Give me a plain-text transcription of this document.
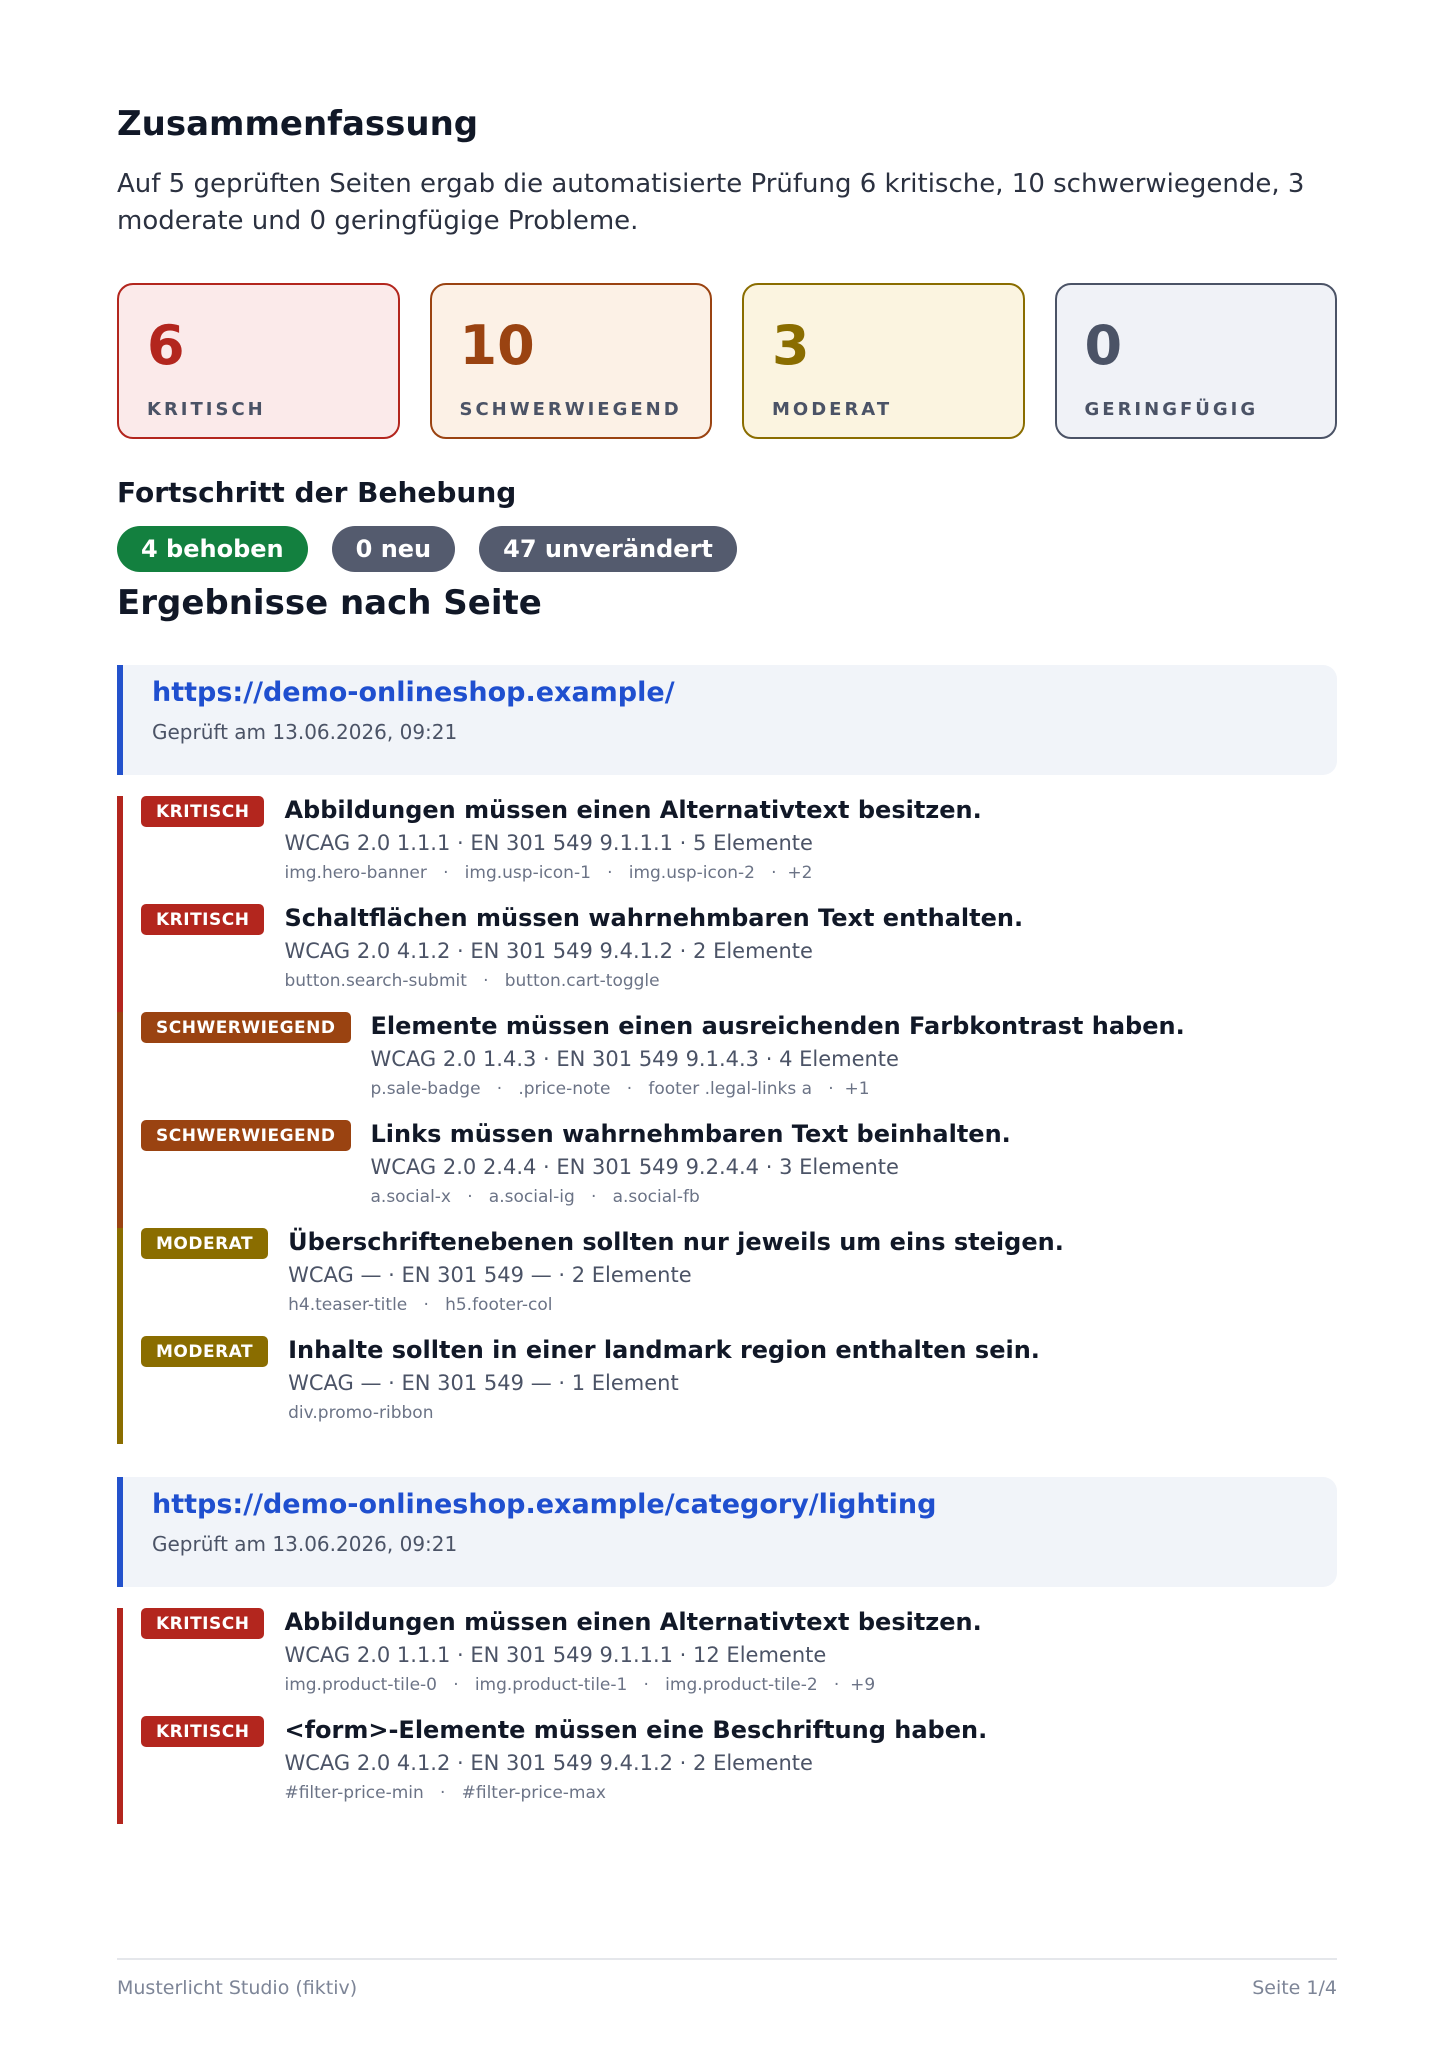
Zusammenfassung

Auf 5 geprüften Seiten ergab die automatisierte Prüfung 6 kritische, 10 schwerwiegende, 3 moderate und 0 geringfügige Probleme.

6
KRITISCH
10
SCHWERWIEGEND
3
MODERAT
0
GERINGFÜGIG
Fortschritt der Behebung
4 behoben	0 neu	47 unverändert
Ergebnisse nach Seite
https://demo-onlineshop.example/
Geprüft am 13.06.2026, 09:21
KRITISCH	Abbildungen müssen einen Alternativtext besitzen.
WCAG 2.0 1.1.1 · EN 301 549 9.1.1.1 · 5 Elemente
img.hero-banner   ·   img.usp-icon-1   ·   img.usp-icon-2   ·  +2
KRITISCH	Schaltflächen müssen wahrnehmbaren Text enthalten.
WCAG 2.0 4.1.2 · EN 301 549 9.4.1.2 · 2 Elemente
button.search-submit   ·   button.cart-toggle
SCHWERWIEGEND	Elemente müssen einen ausreichenden Farbkontrast haben.
WCAG 2.0 1.4.3 · EN 301 549 9.1.4.3 · 4 Elemente
p.sale-badge   ·   .price-note   ·   footer .legal-links a   ·  +1
SCHWERWIEGEND	Links müssen wahrnehmbaren Text beinhalten.
WCAG 2.0 2.4.4 · EN 301 549 9.2.4.4 · 3 Elemente
a.social-x   ·   a.social-ig   ·   a.social-fb
MODERAT	Überschriftenebenen sollten nur jeweils um eins steigen.
WCAG — · EN 301 549 — · 2 Elemente
h4.teaser-title   ·   h5.footer-col
MODERAT	Inhalte sollten in einer landmark region enthalten sein.
WCAG — · EN 301 549 — · 1 Element
div.promo-ribbon
https://demo-onlineshop.example/category/lighting
Geprüft am 13.06.2026, 09:21
KRITISCH	Abbildungen müssen einen Alternativtext besitzen.
WCAG 2.0 1.1.1 · EN 301 549 9.1.1.1 · 12 Elemente
img.product-tile-0   ·   img.product-tile-1   ·   img.product-tile-2   ·  +9
KRITISCH	<form>-Elemente müssen eine Beschriftung haben.
WCAG 2.0 4.1.2 · EN 301 549 9.4.1.2 · 2 Elemente
#filter-price-min   ·   #filter-price-max
Musterlicht Studio (fiktiv)	Seite 1/4
